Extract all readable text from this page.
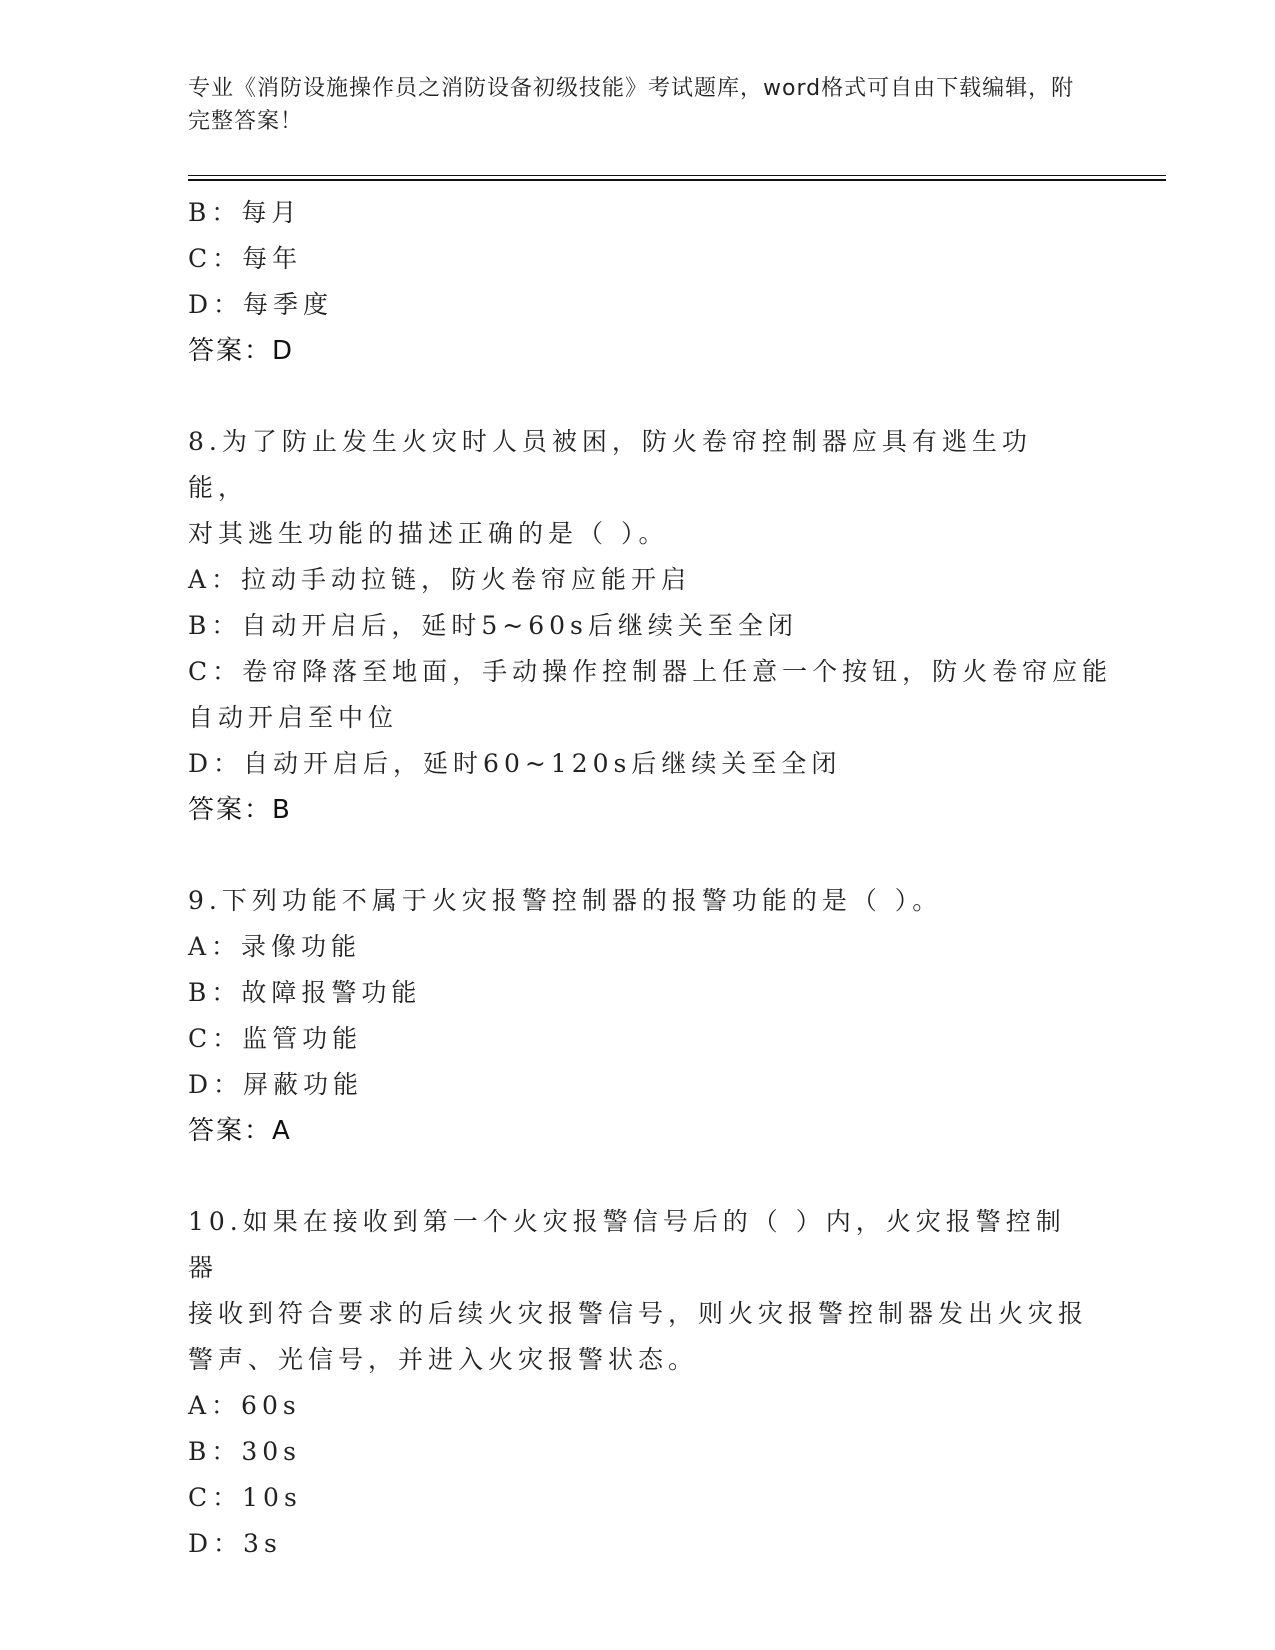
专业《消防设施操作员之消防设备初级技能》考试题库，word格式可自由下载编辑，附完整答案！
B：每月
C：每年
D：每季度
答案：D
8.为了防止发生火灾时人员被困，防火卷帘控制器应具有逃生功能，
对其逃生功能的描述正确的是（ ）。
A：拉动手动拉链，防火卷帘应能开启
B：自动开启后，延时5~60s后继续关至全闭
C：卷帘降落至地面，手动操作控制器上任意一个按钮，防火卷帘应能
自动开启至中位
D：自动开启后，延时60~120s后继续关至全闭
答案：B
9.下列功能不属于火灾报警控制器的报警功能的是（ ）。
A：录像功能
B：故障报警功能
C：监管功能
D：屏蔽功能
答案：A
10.如果在接收到第一个火灾报警信号后的（ ）内，火灾报警控制器
接收到符合要求的后续火灾报警信号，则火灾报警控制器发出火灾报
警声、光信号，并进入火灾报警状态。
A：60s
B：30s
C：10s
D：3s
